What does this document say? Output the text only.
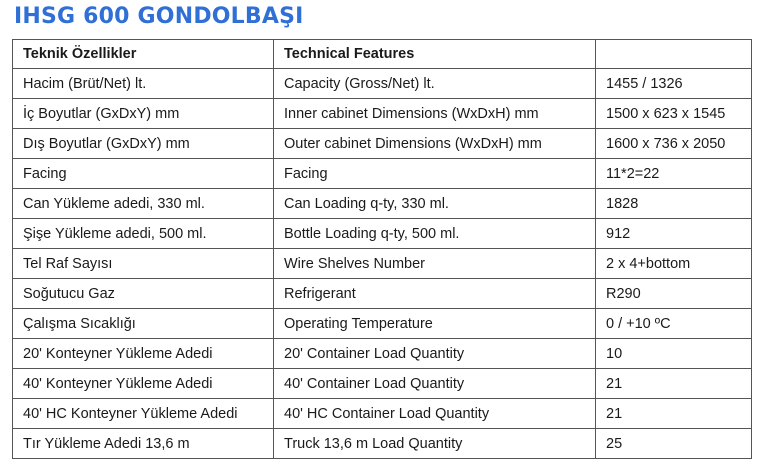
IHSG 600 GONDOLBAŞI
Teknik Özellikler	Technical Features	
Hacim (Brüt/Net) lt.	Capacity (Gross/Net) lt.	1455 / 1326
İç Boyutlar (GxDxY) mm	Inner cabinet Dimensions (WxDxH) mm	1500 x 623 x 1545
Dış Boyutlar (GxDxY) mm	Outer cabinet Dimensions (WxDxH) mm	1600 x 736 x 2050
Facing	Facing	11*2=22
Can Yükleme adedi, 330 ml.	Can Loading q-ty, 330 ml.	1828
Şişe Yükleme adedi, 500 ml.	Bottle Loading q-ty, 500 ml.	912
Tel Raf Sayısı	Wire Shelves Number	2 x 4+bottom
Soğutucu Gaz	Refrigerant	R290
Çalışma Sıcaklığı	Operating Temperature	0 / +10 ºC
20' Konteyner Yükleme Adedi	20' Container Load Quantity	10
40' Konteyner Yükleme Adedi	40' Container Load Quantity	21
40' HC Konteyner Yükleme Adedi	40' HC Container Load Quantity	21
Tır Yükleme Adedi 13,6 m	Truck 13,6 m Load Quantity	25
